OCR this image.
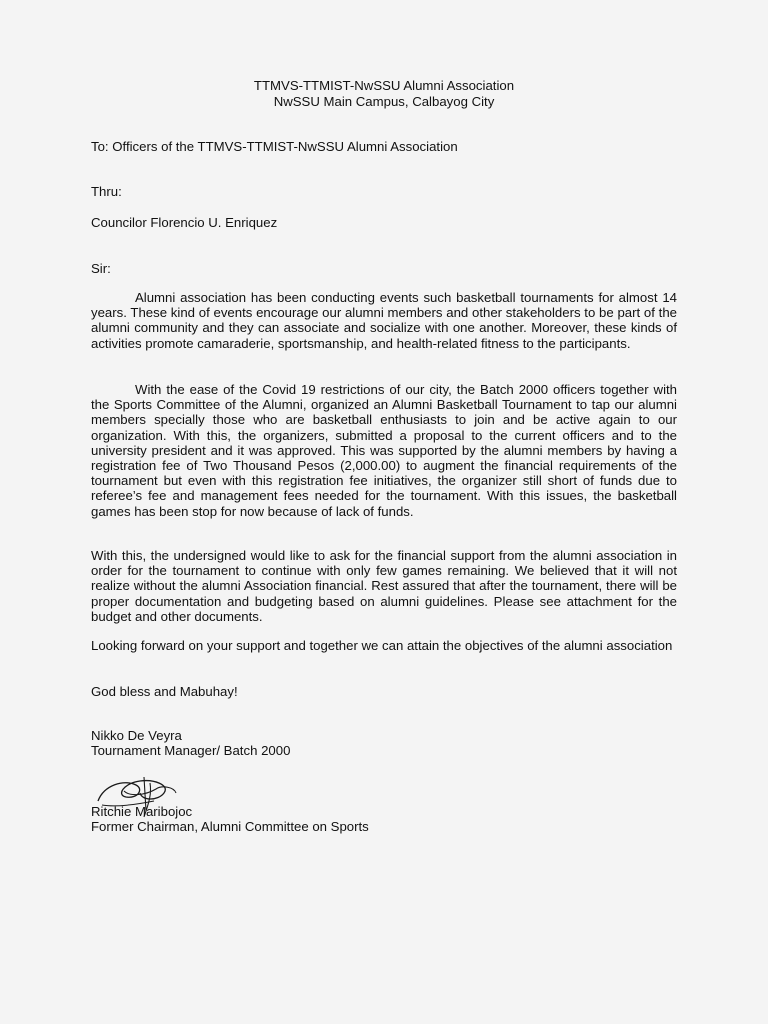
TTMVS-TTMIST-NwSSU Alumni Association
NwSSU Main Campus, Calbayog City
To: Officers of the TTMVS-TTMIST-NwSSU Alumni Association
Thru:
Councilor Florencio U. Enriquez
Sir:
Alumni association has been conducting events such basketball tournaments for almost 14 years. These kind of events encourage our alumni members and other stakeholders to be part of the alumni community and they can associate and socialize with one another. Moreover, these kinds of activities promote camaraderie, sportsmanship, and health-related fitness to the participants.
With the ease of the Covid 19 restrictions of our city, the Batch 2000 officers together with the Sports Committee of the Alumni, organized an Alumni Basketball Tournament to tap our alumni members specially those who are basketball enthusiasts to join and be active again to our organization. With this, the organizers, submitted a proposal to the current officers and to the university president and it was approved. This was supported by the alumni members by having a registration fee of Two Thousand Pesos (2,000.00) to augment the financial requirements of the tournament but even with this registration fee initiatives, the organizer still short of funds due to referee’s fee and management fees needed for the tournament. With this issues, the basketball games has been stop for now because of lack of funds.
With this, the undersigned would like to ask for the financial support from the alumni association in order for the tournament to continue with only few games remaining. We believed that it will not realize without the alumni Association financial. Rest assured that after the tournament, there will be proper documentation and budgeting based on alumni guidelines. Please see attachment for the budget and other documents.
Looking forward on your support and together we can attain the objectives of the alumni association
God bless and Mabuhay!
Nikko De Veyra
Tournament Manager/ Batch 2000
Ritchie Maribojoc
Former Chairman, Alumni Committee on Sports
